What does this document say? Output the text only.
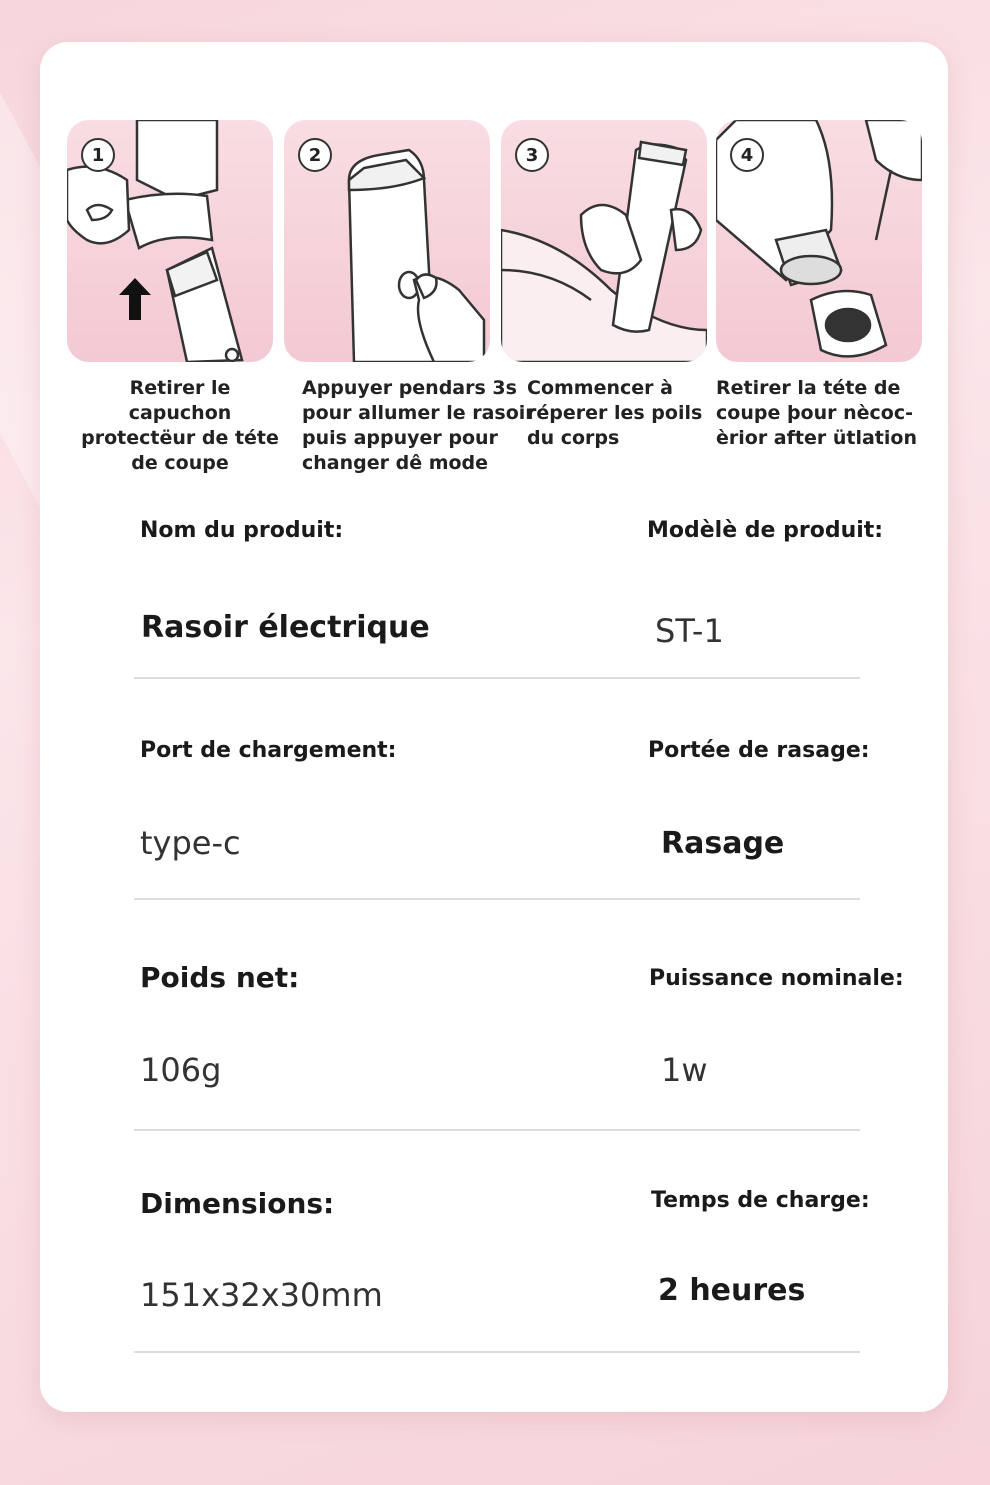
1
Retirer le capuchon
protectëur de téte
de coupe
2
Appuyer pendars 3s
pour allumer le rasoir
puis appuyer pour
changer dê mode
3
Commencer à
réperer les poils
du corps
4
Retirer la téte de
coupe þour nècoc-
èrior after ütlation
Nom du produit:	Modèlè de produit:
Rasoir électrique	ST-1
Port de chargement:	Portée de rasage:
type-c	Rasage
Poids net:	Puissance nominale:
106g	1w
Dimensions:	Temps de charge:
151x32x30mm	2 heures
